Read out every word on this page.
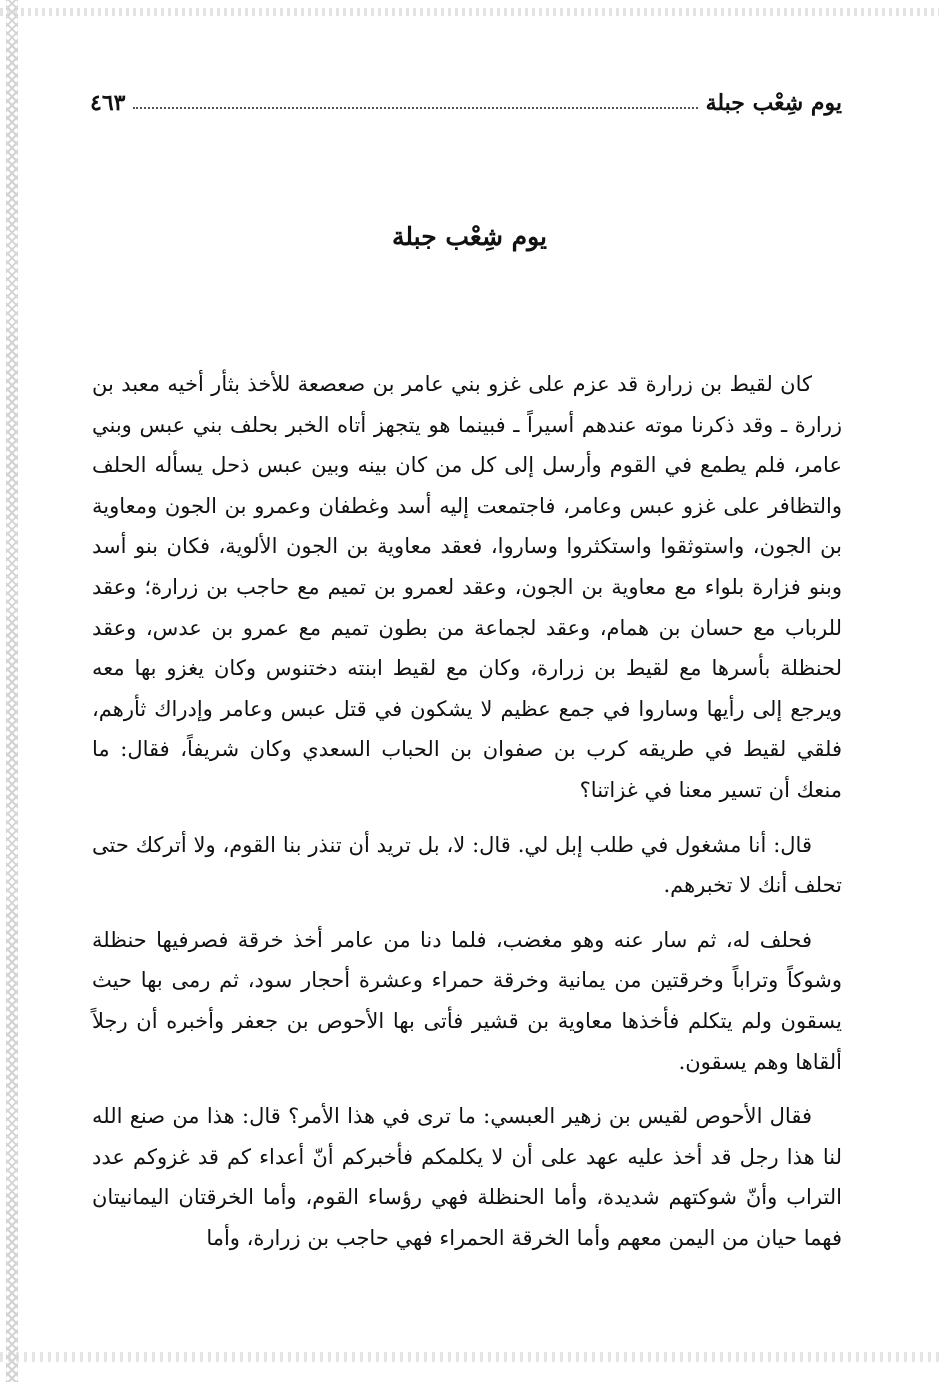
يوم شِعْب جبلة
٤٦٣
يوم شِعْب جبلة

كان لقيط بن زرارة قد عزم على غزو بني عامر بن صعصعة للأخذ بثأر أخيه معبد بن زرارة ـ وقد ذكرنا موته عندهم أسيراً ـ فبينما هو يتجهز أتاه الخبر بحلف بني عبس وبني عامر، فلم يطمع في القوم وأرسل إلى كل من كان بينه وبين عبس ذحل يسأله الحلف والتظافر على غزو عبس وعامر، فاجتمعت إليه أسد وغطفان وعمرو بن الجون ومعاوية بن الجون، واستوثقوا واستكثروا وساروا، فعقد معاوية بن الجون الألوية، فكان بنو أسد وبنو فزارة بلواء مع معاوية بن الجون، وعقد لعمرو بن تميم مع حاجب بن زرارة؛ وعقد للرباب مع حسان بن همام، وعقد لجماعة من بطون تميم مع عمرو بن عدس، وعقد لحنظلة بأسرها مع لقيط بن زرارة، وكان مع لقيط ابنته دختنوس وكان يغزو بها معه ويرجع إلى رأيها وساروا في جمع عظيم لا يشكون في قتل عبس وعامر وإدراك ثأرهم، فلقي لقيط في طريقه كرب بن صفوان بن الحباب السعدي وكان شريفاً، فقال: ما منعك أن تسير معنا في غزاتنا؟

قال: أنا مشغول في طلب إبل لي. قال: لا، بل تريد أن تنذر بنا القوم، ولا أتركك حتى تحلف أنك لا تخبرهم.

فحلف له، ثم سار عنه وهو مغضب، فلما دنا من عامر أخذ خرقة فصرفيها حنظلة وشوكاً وتراباً وخرقتين من يمانية وخرقة حمراء وعشرة أحجار سود، ثم رمى بها حيث يسقون ولم يتكلم فأخذها معاوية بن قشير فأتى بها الأحوص بن جعفر وأخبره أن رجلاً ألقاها وهم يسقون.

فقال الأحوص لقيس بن زهير العبسي: ما ترى في هذا الأمر؟ قال: هذا من صنع الله لنا هذا رجل قد أخذ عليه عهد على أن لا يكلمكم فأخبركم أنّ أعداء كم قد غزوكم عدد التراب وأنّ شوكتهم شديدة، وأما الحنظلة فهي رؤساء القوم، وأما الخرقتان اليمانيتان فهما حيان من اليمن معهم وأما الخرقة الحمراء فهي حاجب بن زرارة، وأما
